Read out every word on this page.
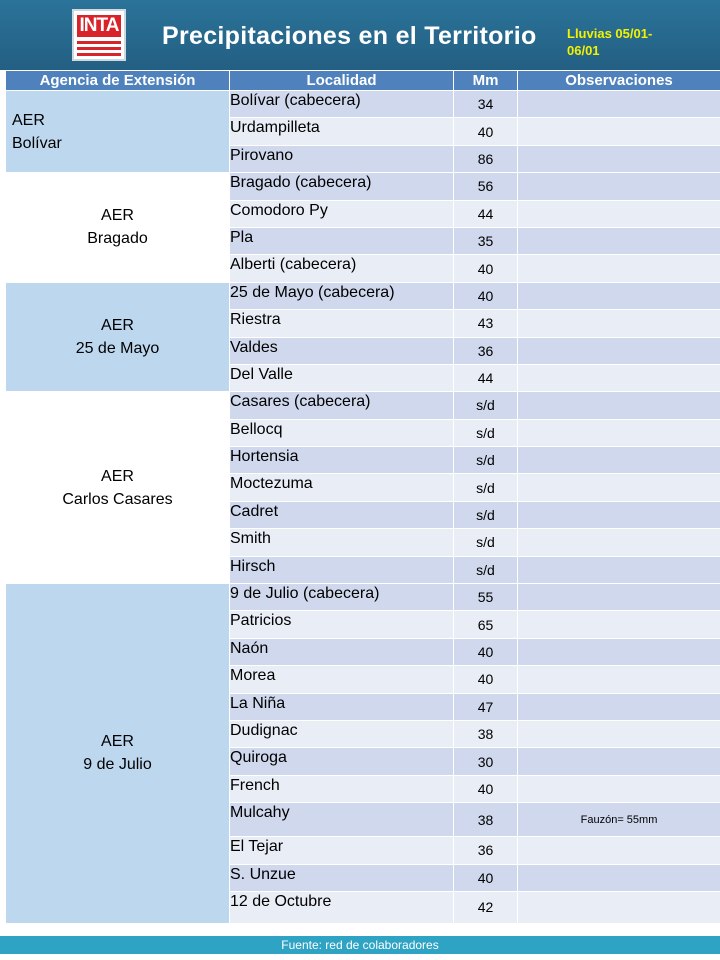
INTA Precipitaciones en el Territorio Lluvias 05/01-06/01
Agencia de Extensión	Localidad	Mm	Observaciones

AER
Bolívar	Bolívar (cabecera)	34	
	Urdampilleta	40	
	Pirovano	86	

AER
Bragado	Bragado (cabecera)	56	
	Comodoro Py	44	
	Pla	35	
	Alberti (cabecera)	40	

AER
25 de Mayo	25 de Mayo (cabecera)	40	
	Riestra	43	
	Valdes	36	
	Del Valle	44	

AER
Carlos Casares	Casares (cabecera)	s/d	
	Bellocq	s/d	
	Hortensia	s/d	
	Moctezuma	s/d	
	Cadret	s/d	
	Smith	s/d	
	Hirsch	s/d	

AER
9 de Julio	9 de Julio (cabecera)	55	
	Patricios	65	
	Naón	40	
	Morea	40	
	La Niña	47	
	Dudignac	38	
	Quiroga	30	
	French	40	
	Mulcahy	38	Fauzón= 55mm
	El Tejar	36	
	S. Unzue	40	
	12 de Octubre	42	
Fuente: red de colaboradores
